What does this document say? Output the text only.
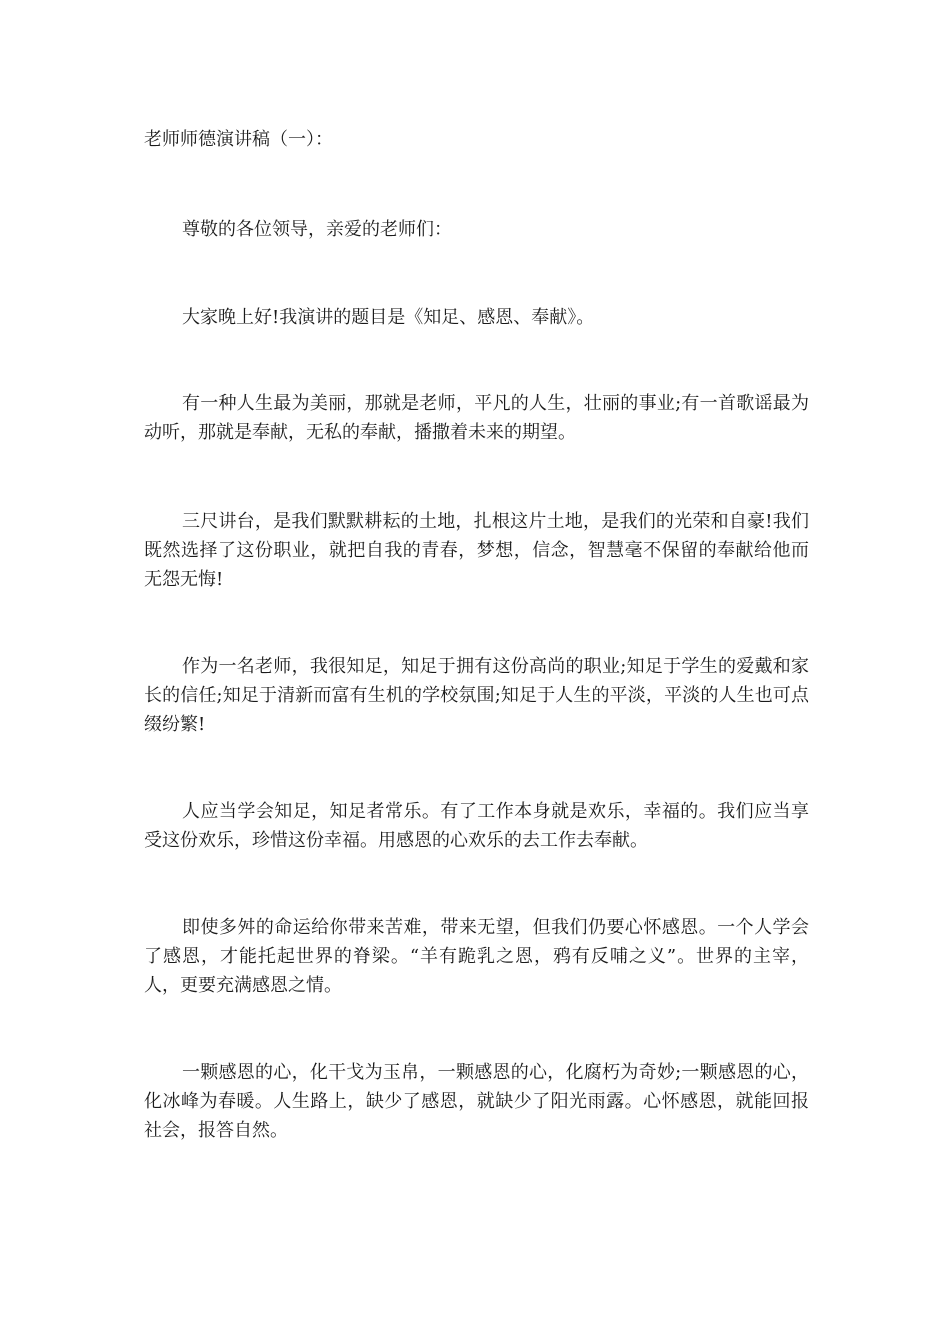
老师师德演讲稿（一）：

尊敬的各位领导，亲爱的老师们：

大家晚上好!我演讲的题目是《知足、感恩、奉献》。

有一种人生最为美丽，那就是老师，平凡的人生，壮丽的事业;有一首歌谣最为动听，那就是奉献，无私的奉献，播撒着未来的期望。

三尺讲台，是我们默默耕耘的土地，扎根这片土地，是我们的光荣和自豪!我们既然选择了这份职业，就把自我的青春，梦想，信念，智慧毫不保留的奉献给他而无怨无悔!

作为一名老师，我很知足，知足于拥有这份高尚的职业;知足于学生的爱戴和家长的信任;知足于清新而富有生机的学校氛围;知足于人生的平淡，平淡的人生也可点缀纷繁!

人应当学会知足，知足者常乐。有了工作本身就是欢乐，幸福的。我们应当享受这份欢乐，珍惜这份幸福。用感恩的心欢乐的去工作去奉献。

即使多舛的命运给你带来苦难，带来无望，但我们仍要心怀感恩。一个人学会了感恩，才能托起世界的脊梁。“羊有跪乳之恩，鸦有反哺之义”。世界的主宰，人，更要充满感恩之情。

一颗感恩的心，化干戈为玉帛，一颗感恩的心，化腐朽为奇妙;一颗感恩的心，化冰峰为春暖。人生路上，缺少了感恩，就缺少了阳光雨露。心怀感恩，就能回报社会，报答自然。
